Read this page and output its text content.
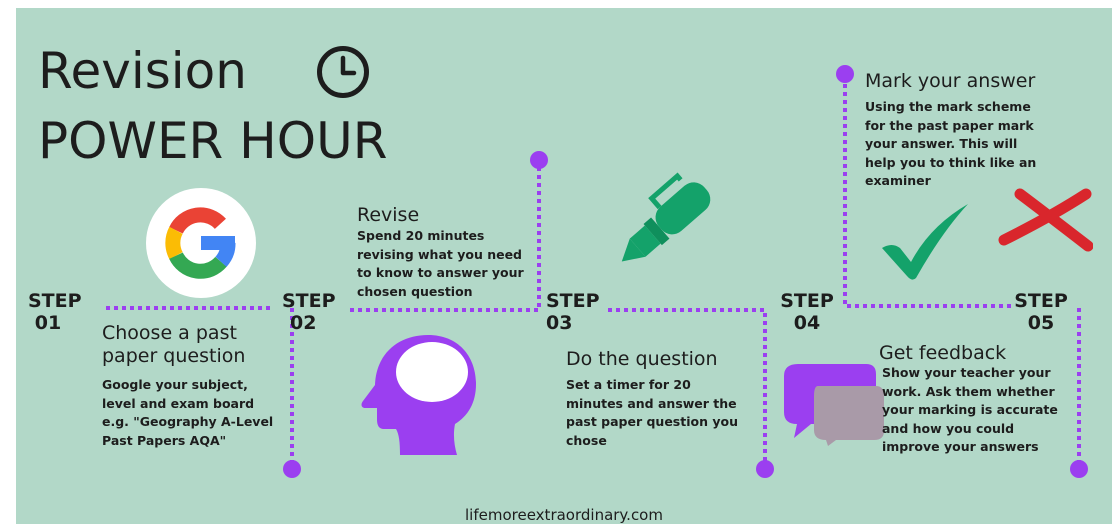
Revision
POWER HOUR
STEP
01	Choose a past
paper question
Google your subject,
level and exam board
e.g. "Geography A-Level
Past Papers AQA"
STEP
02
Revise
Spend 20 minutes
revising what you need
to know to answer your
chosen question	STEP
03
Do the question
Set a timer for 20
minutes and answer the
past paper question you
chose
STEP
04
Mark your answer
Using the mark scheme
for the past paper mark
your answer. This will
help you to think like an
examiner
STEP
05
Get feedback
Show your teacher your
work. Ask them whether
your marking is accurate
and how you could
improve your answers
lifemoreextraordinary.com
